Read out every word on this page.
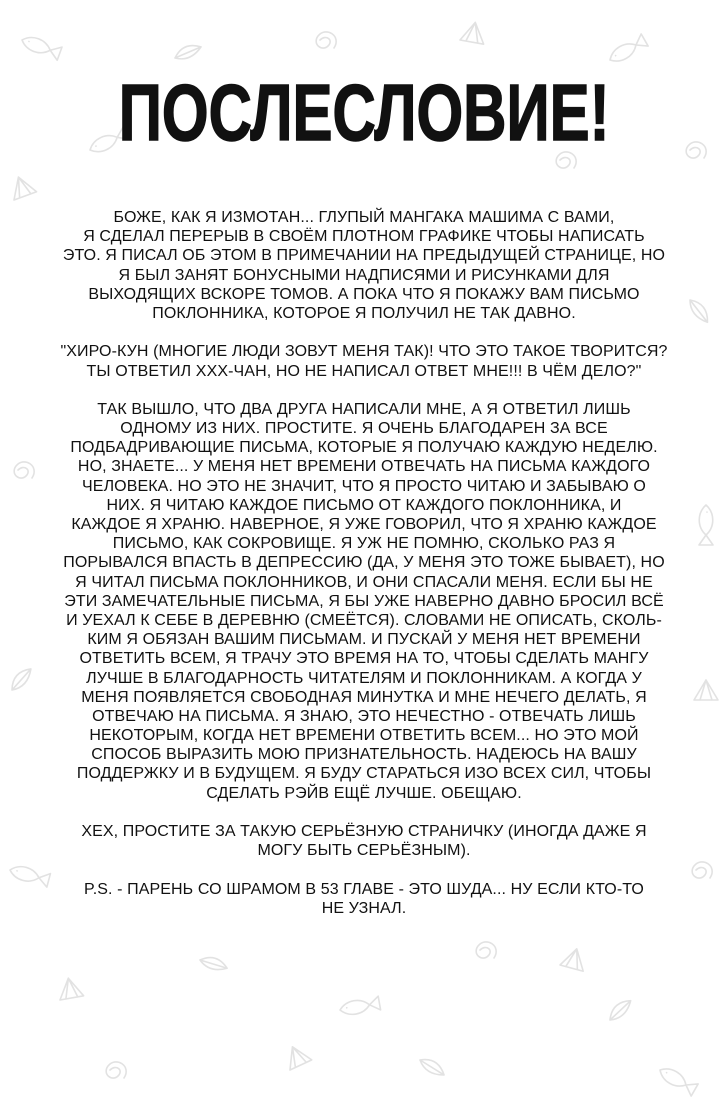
ПОСЛЕСЛОВИЕ!
БОЖЕ, КАК Я ИЗМОТАН... ГЛУПЫЙ МАНГАКА МАШИМА С ВАМИ,
Я СДЕЛАЛ ПЕРЕРЫВ В СВОЁМ ПЛОТНОМ ГРАФИКЕ ЧТОБЫ НАПИСАТЬ
ЭТО. Я ПИСАЛ ОБ ЭТОМ В ПРИМЕЧАНИИ НА ПРЕДЫДУЩЕЙ СТРАНИЦЕ, НО
Я БЫЛ ЗАНЯТ БОНУСНЫМИ НАДПИСЯМИ И РИСУНКАМИ ДЛЯ
ВЫХОДЯЩИХ ВСКОРЕ ТОМОВ. А ПОКА ЧТО Я ПОКАЖУ ВАМ ПИСЬМО
ПОКЛОННИКА, КОТОРОЕ Я ПОЛУЧИЛ НЕ ТАК ДАВНО.
"ХИРО-КУН (МНОГИЕ ЛЮДИ ЗОВУТ МЕНЯ ТАК)! ЧТО ЭТО ТАКОЕ ТВОРИТСЯ?
ТЫ ОТВЕТИЛ ХХХ-ЧАН, НО НЕ НАПИСАЛ ОТВЕТ МНЕ!!! В ЧЁМ ДЕЛО?"
ТАК ВЫШЛО, ЧТО ДВА ДРУГА НАПИСАЛИ МНЕ, А Я ОТВЕТИЛ ЛИШЬ
ОДНОМУ ИЗ НИХ. ПРОСТИТЕ. Я ОЧЕНЬ БЛАГОДАРЕН ЗА ВСЕ
ПОДБАДРИВАЮЩИЕ ПИСЬМА, КОТОРЫЕ Я ПОЛУЧАЮ КАЖДУЮ НЕДЕЛЮ.
НО, ЗНАЕТЕ... У МЕНЯ НЕТ ВРЕМЕНИ ОТВЕЧАТЬ НА ПИСЬМА КАЖДОГО
ЧЕЛОВЕКА. НО ЭТО НЕ ЗНАЧИТ, ЧТО Я ПРОСТО ЧИТАЮ И ЗАБЫВАЮ О
НИХ. Я ЧИТАЮ КАЖДОЕ ПИСЬМО ОТ КАЖДОГО ПОКЛОННИКА, И
КАЖДОЕ Я ХРАНЮ. НАВЕРНОЕ, Я УЖЕ ГОВОРИЛ, ЧТО Я ХРАНЮ КАЖДОЕ
ПИСЬМО, КАК СОКРОВИЩЕ. Я УЖ НЕ ПОМНЮ, СКОЛЬКО РАЗ Я
ПОРЫВАЛСЯ ВПАСТЬ В ДЕПРЕССИЮ (ДА, У МЕНЯ ЭТО ТОЖЕ БЫВАЕТ), НО
Я ЧИТАЛ ПИСЬМА ПОКЛОННИКОВ, И ОНИ СПАСАЛИ МЕНЯ. ЕСЛИ БЫ НЕ
ЭТИ ЗАМЕЧАТЕЛЬНЫЕ ПИСЬМА, Я БЫ УЖЕ НАВЕРНО ДАВНО БРОСИЛ ВСЁ
И УЕХАЛ К СЕБЕ В ДЕРЕВНЮ (СМЕЁТСЯ). СЛОВАМИ НЕ ОПИСАТЬ, СКОЛЬ-
КИМ Я ОБЯЗАН ВАШИМ ПИСЬМАМ. И ПУСКАЙ У МЕНЯ НЕТ ВРЕМЕНИ
ОТВЕТИТЬ ВСЕМ, Я ТРАЧУ ЭТО ВРЕМЯ НА ТО, ЧТОБЫ СДЕЛАТЬ МАНГУ
ЛУЧШЕ В БЛАГОДАРНОСТЬ ЧИТАТЕЛЯМ И ПОКЛОННИКАМ. А КОГДА У
МЕНЯ ПОЯВЛЯЕТСЯ СВОБОДНАЯ МИНУТКА И МНЕ НЕЧЕГО ДЕЛАТЬ, Я
ОТВЕЧАЮ НА ПИСЬМА. Я ЗНАЮ, ЭТО НЕЧЕСТНО - ОТВЕЧАТЬ ЛИШЬ
НЕКОТОРЫМ, КОГДА НЕТ ВРЕМЕНИ ОТВЕТИТЬ ВСЕМ... НО ЭТО МОЙ
СПОСОБ ВЫРАЗИТЬ МОЮ ПРИЗНАТЕЛЬНОСТЬ. НАДЕЮСЬ НА ВАШУ
ПОДДЕРЖКУ И В БУДУЩЕМ. Я БУДУ СТАРАТЬСЯ ИЗО ВСЕХ СИЛ, ЧТОБЫ
СДЕЛАТЬ РЭЙВ ЕЩЁ ЛУЧШЕ. ОБЕЩАЮ.
ХЕХ, ПРОСТИТЕ ЗА ТАКУЮ СЕРЬЁЗНУЮ СТРАНИЧКУ (ИНОГДА ДАЖЕ Я
МОГУ БЫТЬ СЕРЬЁЗНЫМ).
P.S. - ПАРЕНЬ СО ШРАМОМ В 53 ГЛАВЕ - ЭТО ШУДА... НУ ЕСЛИ КТО-ТО
НЕ УЗНАЛ.
